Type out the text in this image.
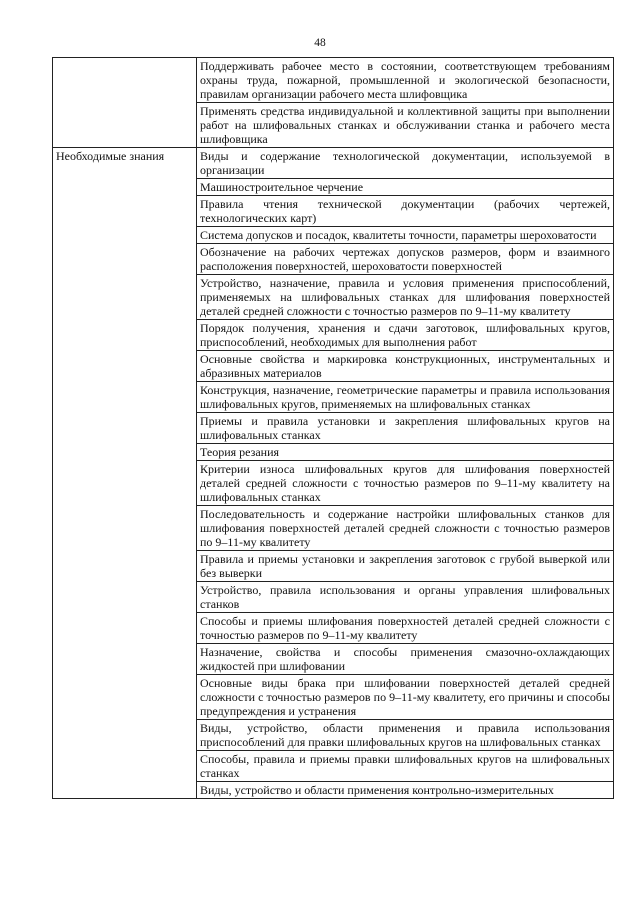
48
	Поддерживать рабочее место в состоянии, соответствующем требованиям охраны труда, пожарной, промышленной и экологической безопасности, правилам организации рабочего места шлифовщика
	Применять средства индивидуальной и коллективной защиты при выполнении работ на шлифовальных станках и обслуживании станка и рабочего места шлифовщика
Необходимые знания	Виды и содержание технологической документации, используемой в организации
	Машиностроительное черчение
	Правила чтения технической документации (рабочих чертежей, технологических карт)
	Система допусков и посадок, квалитеты точности, параметры шероховатости
	Обозначение на рабочих чертежах допусков размеров, форм и взаимного расположения поверхностей, шероховатости поверхностей
	Устройство, назначение, правила и условия применения приспособлений, применяемых на шлифовальных станках для шлифования поверхностей деталей средней сложности с точностью размеров по 9–11-му квалитету
	Порядок получения, хранения и сдачи заготовок, шлифовальных кругов, приспособлений, необходимых для выполнения работ
	Основные свойства и маркировка конструкционных, инструментальных и абразивных материалов
	Конструкция, назначение, геометрические параметры и правила использования шлифовальных кругов, применяемых на шлифовальных станках
	Приемы и правила установки и закрепления шлифовальных кругов на шлифовальных станках
	Теория резания
	Критерии износа шлифовальных кругов для шлифования поверхностей деталей средней сложности с точностью размеров по 9–11-му квалитету на шлифовальных станках
	Последовательность и содержание настройки шлифовальных станков для шлифования поверхностей деталей средней сложности с точностью размеров по 9–11-му квалитету
	Правила и приемы установки и закрепления заготовок с грубой выверкой или без выверки
	Устройство, правила использования и органы управления шлифовальных станков
	Способы и приемы шлифования поверхностей деталей средней сложности с точностью размеров по 9–11-му квалитету
	Назначение, свойства и способы применения смазочно-охлаждающих жидкостей при шлифовании
	Основные виды брака при шлифовании поверхностей деталей средней сложности с точностью размеров по 9–11-му квалитету, его причины и способы предупреждения и устранения
	Виды, устройство, области применения и правила использования приспособлений для правки шлифовальных кругов на шлифовальных станках
	Способы, правила и приемы правки шлифовальных кругов на шлифовальных станках
	Виды, устройство и области применения контрольно-измерительных
